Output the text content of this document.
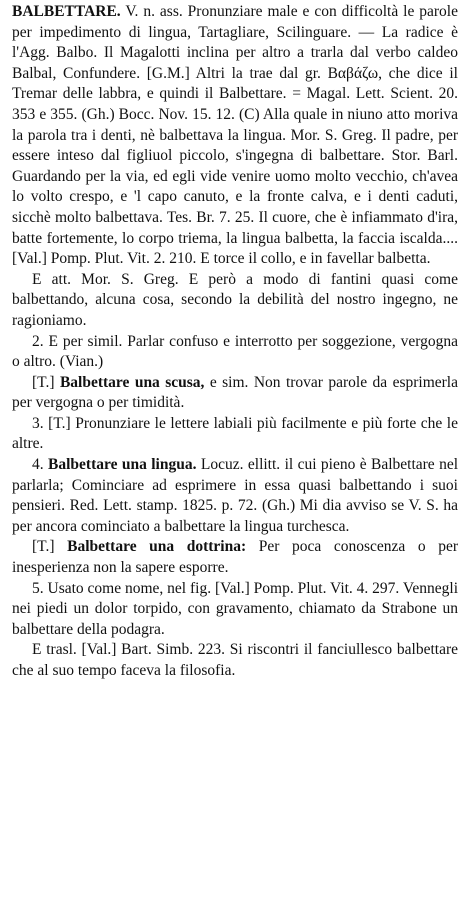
BALBETTARE. V. n. ass. Pronunziare male e con difficoltà le parole per impedimento di lingua, Tartagliare, Scilinguare. — La radice è l'Agg. Balbo. Il Magalotti inclina per altro a trarla dal verbo caldeo Balbal, Confundere. [G.M.] Altri la trae dal gr. Βαβάζω, che dice il Tremar delle labbra, e quindi il Balbettare. = Magal. Lett. Scient. 20. 353 e 355. (Gh.) Bocc. Nov. 15. 12. (C) Alla quale in niuno atto moriva la parola tra i denti, nè balbettava la lingua. Mor. S. Greg. Il padre, per essere inteso dal figliuol piccolo, s'ingegna di balbettare. Stor. Barl. Guardando per la via, ed egli vide venire uomo molto vecchio, ch'avea lo volto crespo, e 'l capo canuto, e la fronte calva, e i denti caduti, sicchè molto balbettava. Tes. Br. 7. 25. Il cuore, che è infiammato d'ira, batte fortemente, lo corpo triema, la lingua balbetta, la faccia iscalda.... [Val.] Pomp. Plut. Vit. 2. 210. E torce il collo, e in favellar balbetta.

E att. Mor. S. Greg. E però a modo di fantini quasi come balbettando, alcuna cosa, secondo la debilità del nostro ingegno, ne ragioniamo.

2. E per simil. Parlar confuso e interrotto per soggezione, vergogna o altro. (Vian.)

[T.] Balbettare una scusa, e sim. Non trovar parole da esprimerla per vergogna o per timidità.

3. [T.] Pronunziare le lettere labiali più facilmente e più forte che le altre.

4. Balbettare una lingua. Locuz. ellitt. il cui pieno è Balbettare nel parlarla; Cominciare ad esprimere in essa quasi balbettando i suoi pensieri. Red. Lett. stamp. 1825. p. 72. (Gh.) Mi dia avviso se V. S. ha per ancora cominciato a balbettare la lingua turchesca.

[T.] Balbettare una dottrina: Per poca conoscenza o per inesperienza non la sapere esporre.

5. Usato come nome, nel fig. [Val.] Pomp. Plut. Vit. 4. 297. Vennegli nei piedi un dolor torpido, con gravamento, chiamato da Strabone un balbettare della podagra.

E trasl. [Val.] Bart. Simb. 223. Si riscontri il fanciullesco balbettare che al suo tempo faceva la filosofia.
